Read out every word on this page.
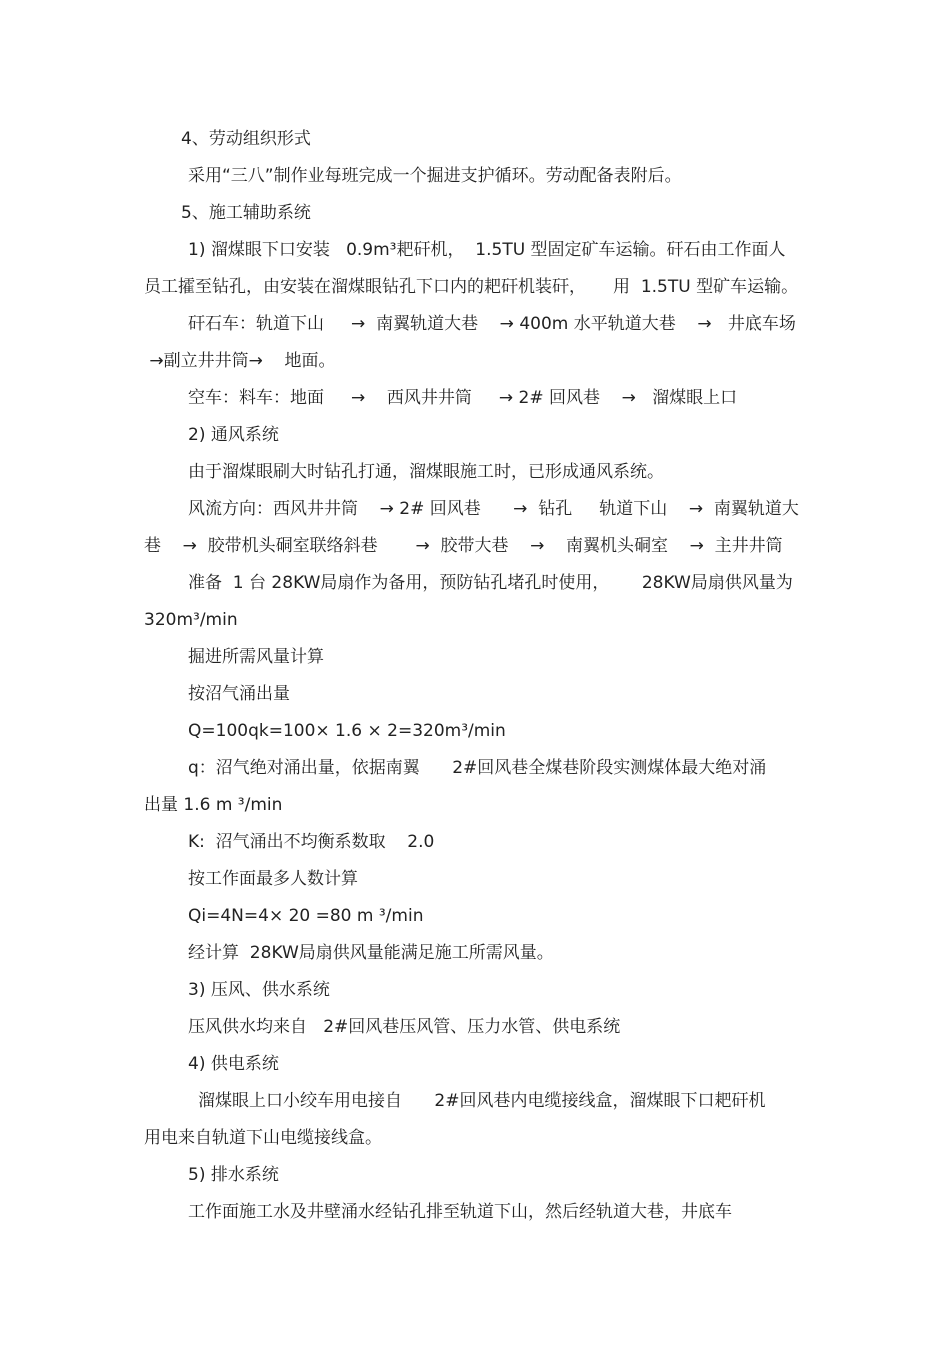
4、劳动组织形式
采用“三八”制作业每班完成一个掘进支护循环。劳动配备表附后。
5、施工辅助系统
1) 溜煤眼下口安装   0.9m³耙矸机，  1.5TU 型固定矿车运输。矸石由工作面人
员工攉至钻孔，由安装在溜煤眼钻孔下口内的耙矸机装矸，     用  1.5TU 型矿车运输。
矸石车：轨道下山     →  南翼轨道大巷    → 400m 水平轨道大巷    →   井底车场
→副立井井筒→    地面。
空车：料车：地面     →    西风井井筒     → 2# 回风巷    →   溜煤眼上口
2) 通风系统
由于溜煤眼刷大时钻孔打通，溜煤眼施工时，已形成通风系统。
风流方向：西风井井筒    → 2# 回风巷      →  钻孔     轨道下山    →  南翼轨道大
巷    →  胶带机头硐室联络斜巷       →  胶带大巷    →    南翼机头硐室    →  主井井筒
准备  1 台 28KW局扇作为备用，预防钻孔堵孔时使用，      28KW局扇供风量为
320m³/min
掘进所需风量计算
按沼气涌出量
Q=100qk=100× 1.6 × 2=320m³/min
q：沼气绝对涌出量，依据南翼      2#回风巷全煤巷阶段实测煤体最大绝对涌
出量 1.6 m ³/min
K:  沼气涌出不均衡系数取    2.0
按工作面最多人数计算
Qi=4N=4× 20 =80 m ³/min
经计算  28KW局扇供风量能满足施工所需风量。
3) 压风、供水系统
压风供水均来自   2#回风巷压风管、压力水管、供电系统
4) 供电系统
溜煤眼上口小绞车用电接自      2#回风巷内电缆接线盒，溜煤眼下口耙矸机
用电来自轨道下山电缆接线盒。
5) 排水系统
工作面施工水及井壁涌水经钻孔排至轨道下山，然后经轨道大巷，井底车
